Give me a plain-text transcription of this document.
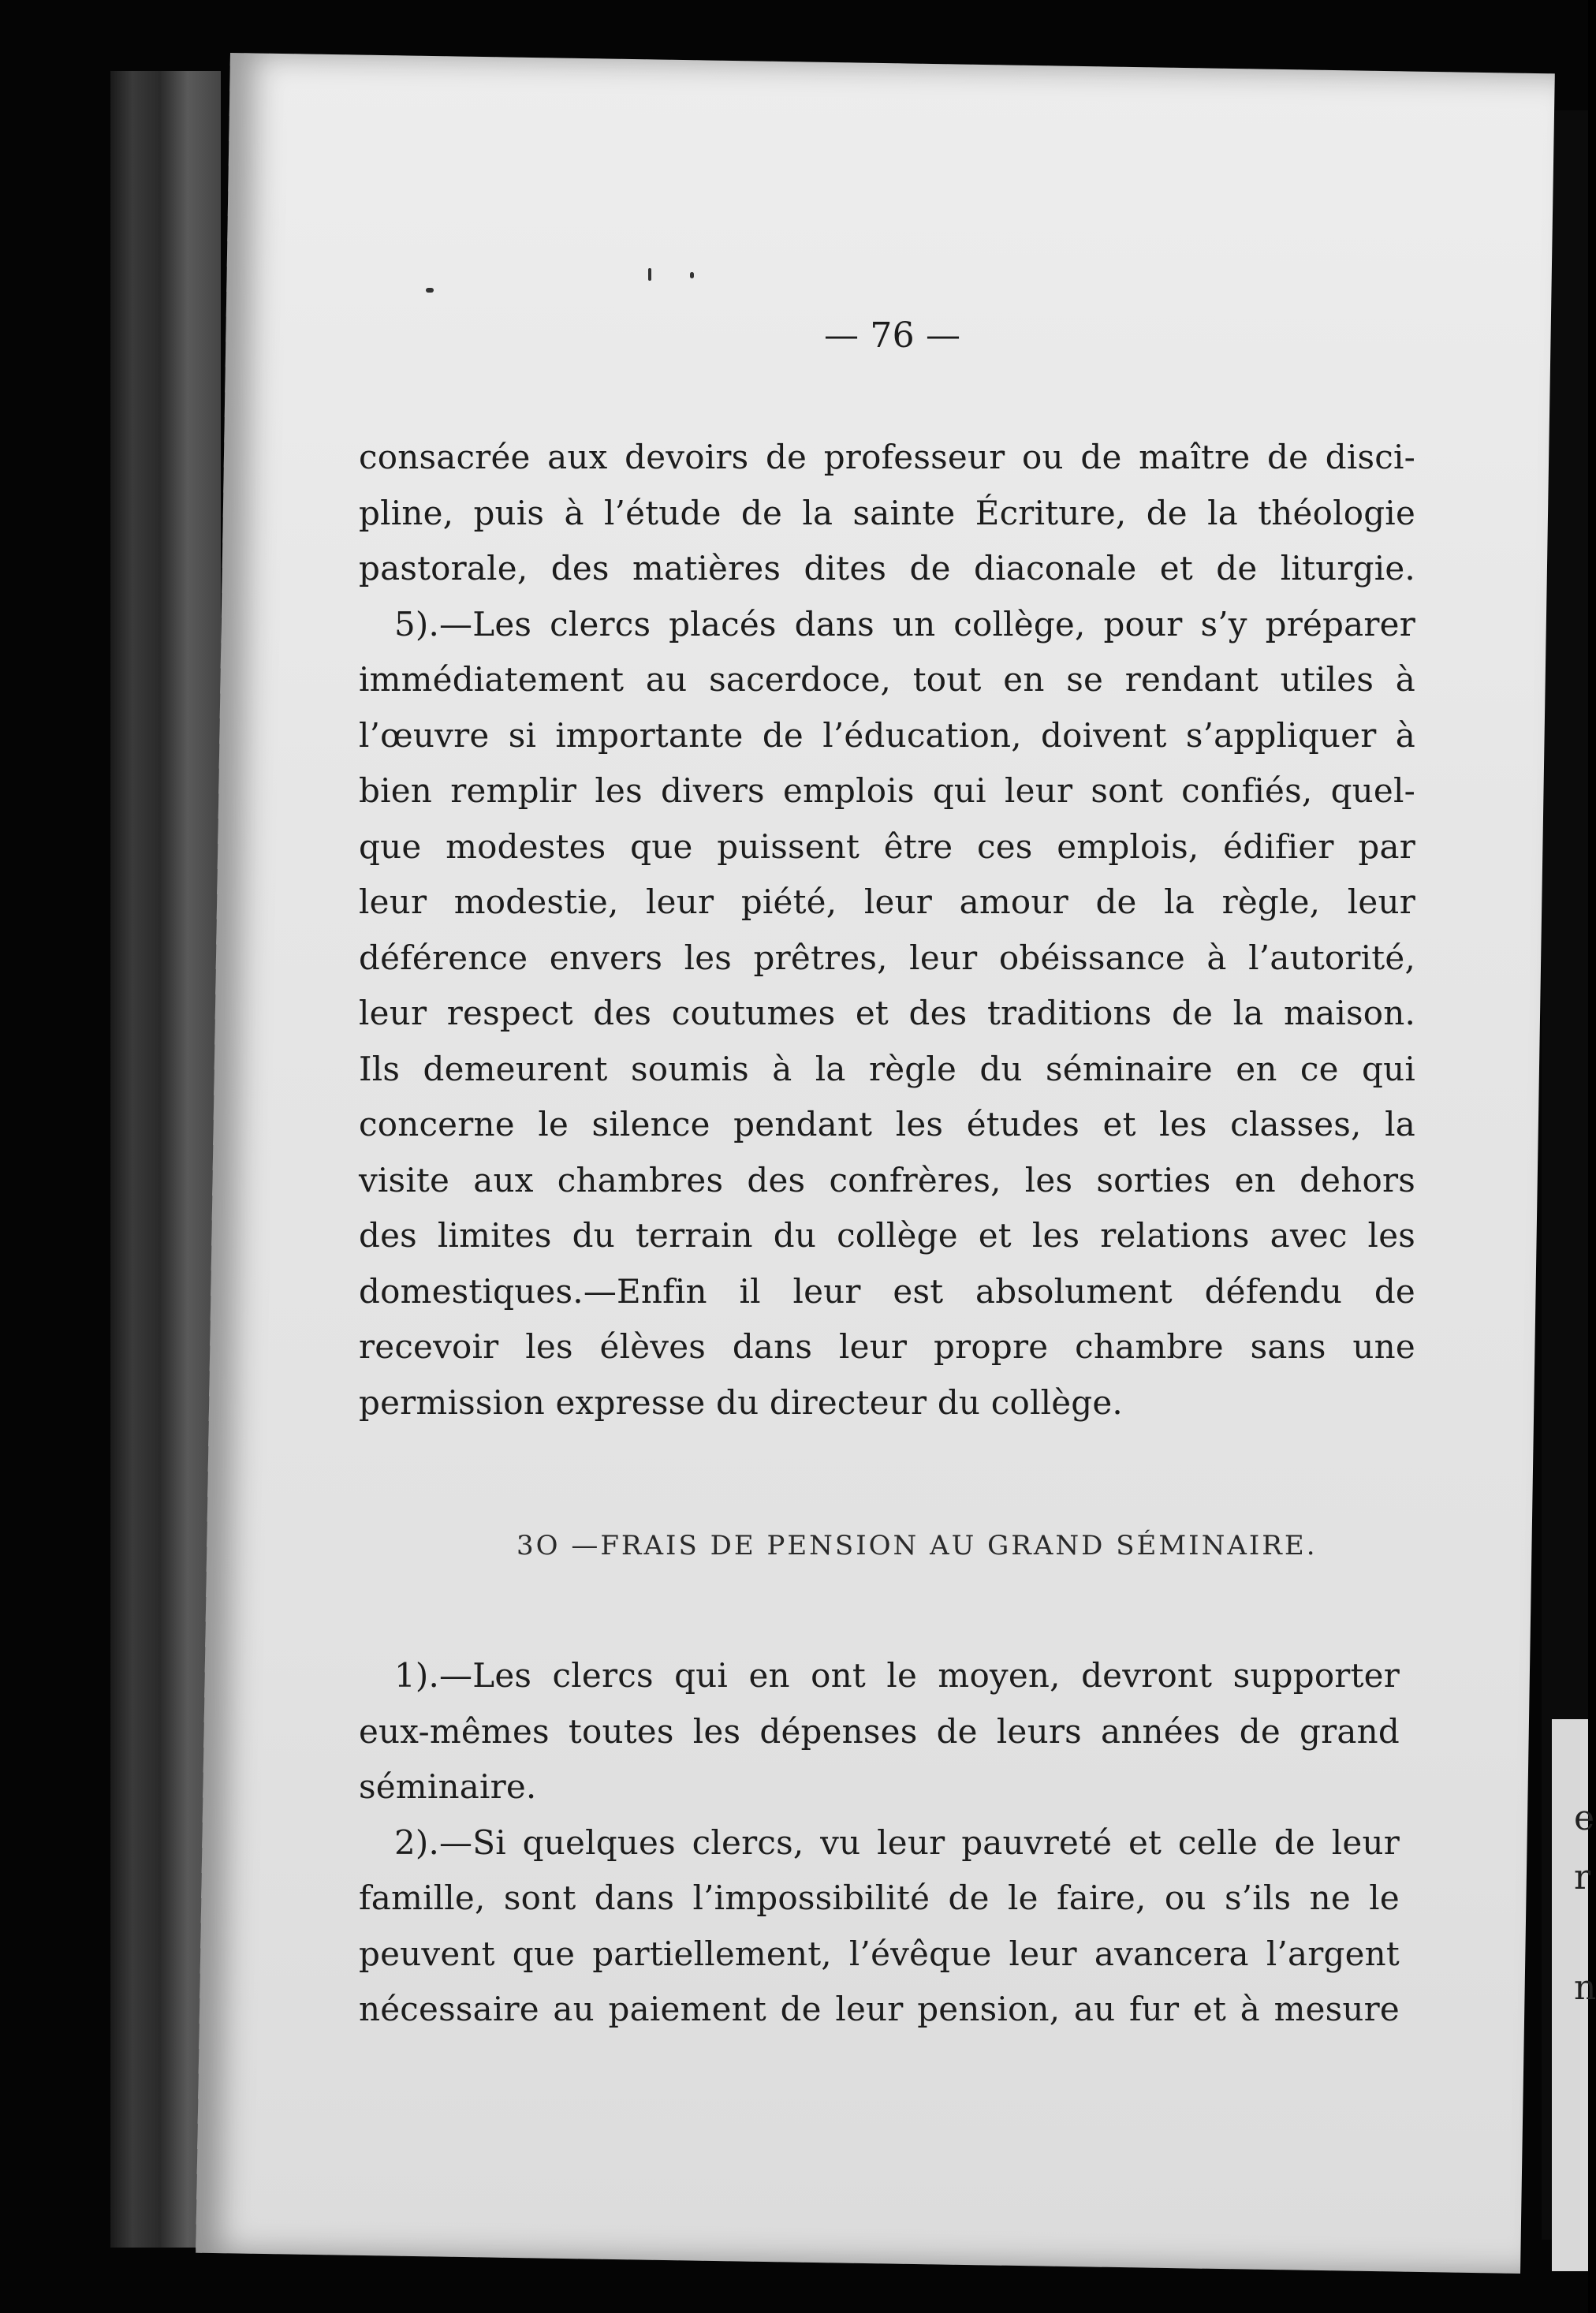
e
r
n
— 76 —
consacrée aux devoirs de professeur ou de maître de disci-
pline, puis à l’étude de la sainte Écriture, de la théologie
pastorale, des matières dites de diaconale et de liturgie.
5).—Les clercs placés dans un collège, pour s’y préparer
immédiatement au sacerdoce, tout en se rendant utiles à
l’œuvre si importante de l’éducation, doivent s’appliquer à
bien remplir les divers emplois qui leur sont confiés, quel-
que modestes que puissent être ces emplois, édifier par
leur modestie, leur piété, leur amour de la règle, leur
déférence envers les prêtres, leur obéissance à l’autorité,
leur respect des coutumes et des traditions de la maison.
Ils demeurent soumis à la règle du séminaire en ce qui
concerne le silence pendant les études et les classes, la
visite aux chambres des confrères, les sorties en dehors
des limites du terrain du collège et les relations avec les
domestiques.—Enfin il leur est absolument défendu de
recevoir les élèves dans leur propre chambre sans une
permission expresse du directeur du collège.
3O —FRAIS DE PENSION AU GRAND SÉMINAIRE.
1).—Les clercs qui en ont le moyen, devront supporter
eux-mêmes toutes les dépenses de leurs années de grand
séminaire.
2).—Si quelques clercs, vu leur pauvreté et celle de leur
famille, sont dans l’impossibilité de le faire, ou s’ils ne le
peuvent que partiellement, l’évêque leur avancera l’argent
nécessaire au paiement de leur pension, au fur et à mesure
